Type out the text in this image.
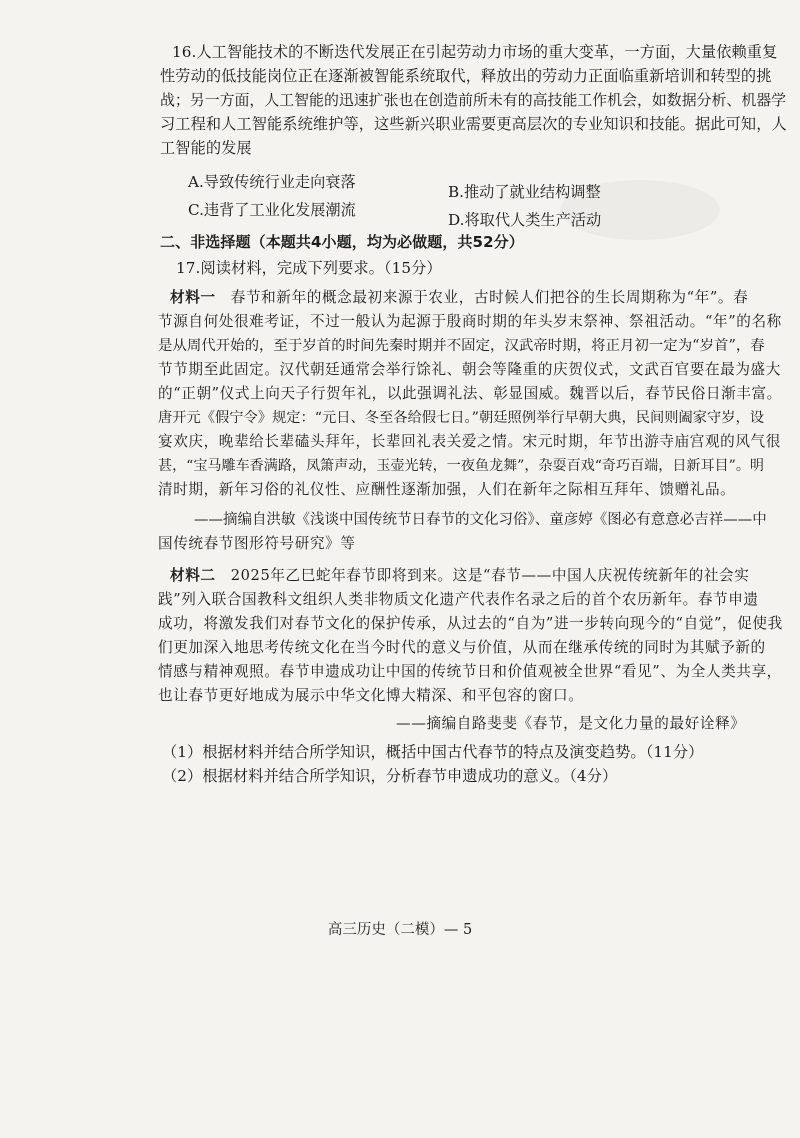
16.人工智能技术的不断迭代发展正在引起劳动力市场的重大变革，一方面，大量依赖重复
性劳动的低技能岗位正在逐渐被智能系统取代，释放出的劳动力正面临重新培训和转型的挑
战；另一方面，人工智能的迅速扩张也在创造前所未有的高技能工作机会，如数据分析、机器学
习工程和人工智能系统维护等，这些新兴职业需要更高层次的专业知识和技能。据此可知，人
工智能的发展
A.导致传统行业走向衰落
B.推动了就业结构调整
C.违背了工业化发展潮流
D.将取代人类生产活动
二、非选择题（本题共4小题，均为必做题，共52分）
17.阅读材料，完成下列要求。（15分）
材料一　春节和新年的概念最初来源于农业，古时候人们把谷的生长周期称为“年”。春
节源自何处很难考证，不过一般认为起源于殷商时期的年头岁末祭神、祭祖活动。“年”的名称
是从周代开始的，至于岁首的时间先秦时期并不固定，汉武帝时期，将正月初一定为“岁首”，春
节节期至此固定。汉代朝廷通常会举行馀礼、朝会等隆重的庆贺仪式，文武百官要在最为盛大
的“正朝”仪式上向天子行贺年礼，以此强调礼法、彰显国威。魏晋以后，春节民俗日渐丰富。
唐开元《假宁令》规定：“元日、冬至各给假七日。”朝廷照例举行早朝大典，民间则阖家守岁，设
宴欢庆，晚辈给长辈磕头拜年，长辈回礼表关爱之情。宋元时期，年节出游寺庙宫观的风气很
甚，“宝马雕车香满路，凤箫声动，玉壶光转，一夜鱼龙舞”，杂耍百戏“奇巧百端，日新耳目”。明
清时期，新年习俗的礼仪性、应酬性逐渐加强，人们在新年之际相互拜年、馈赠礼品。
——摘编自洪敏《浅谈中国传统节日春节的文化习俗》、童彦婷《图必有意意必吉祥——中
国传统春节图形符号研究》等
材料二　2025年乙巳蛇年春节即将到来。这是“春节——中国人庆祝传统新年的社会实
践”列入联合国教科文组织人类非物质文化遗产代表作名录之后的首个农历新年。春节申遗
成功，将激发我们对春节文化的保护传承，从过去的“自为”进一步转向现今的“自觉”，促使我
们更加深入地思考传统文化在当今时代的意义与价值，从而在继承传统的同时为其赋予新的
情感与精神观照。春节申遗成功让中国的传统节日和价值观被全世界“看见”、为全人类共享，
也让春节更好地成为展示中华文化博大精深、和平包容的窗口。
——摘编自路斐斐《春节，是文化力量的最好诠释》
（1）根据材料并结合所学知识，概括中国古代春节的特点及演变趋势。（11分）
（2）根据材料并结合所学知识，分析春节申遗成功的意义。（4分）
高三历史（二模）— 5
